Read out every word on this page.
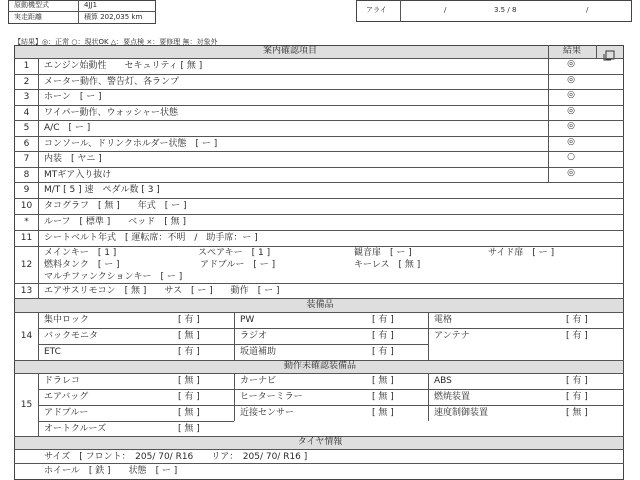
原動機型式	4JJ1
実走距離	積算 202,035 km
アライ	/	3.5 / 8	/
【結果】◎：正常 ○：現状OK △：要点検 ×：要修理 無：対象外
案内確認項目	結果
1	エンジン始動性　　セキュリティ [ 無 ]	◎
2	メーター動作、警告灯、各ランプ	◎
3	ホーン　[ ー ]	◎
4	ワイパー動作、ウォッシャー状態	◎
5	A/C　[ ー ]	◎
6	コンソール、ドリンクホルダー状態　[ ー ]	◎
7	内装　[ ヤニ ]	○
8	MTギア入り抜け	◎
9	M/T [ 5 ] 速　ペダル数 [ 3 ]
10	タコグラフ　[ 無 ]　　年式　[ ー ]
*	ルーフ　[ 標準 ]　　ベッド　[ 無 ]
11	シートベルト年式　[ 運転席：不明　/　助手席：ー ]
12
メインキー　[ 1 ]	スペアキー　[ 1 ]	観音扉　[ ー ]	サイド扉　[ ー ]
燃料タンク　[ ー ]	アドブルー　[ ー ]	キーレス　[ 無 ]
マルチファンクションキー　[ ー ]
13	エアサスリモコン　[ 無 ]　　サス　[ ー ]　　動作　[ ー ]
装備品
14
集中ロック	[ 有 ]	PW	[ 有 ]	電格	[ 有 ]
バックモニタ	[ 無 ]	ラジオ	[ 有 ]	アンテナ	[ 有 ]
ETC	[ 有 ]	坂道補助	[ 有 ]
動作未確認装備品
15
ドラレコ	[ 無 ]	カーナビ	[ 無 ]	ABS	[ 有 ]
エアバッグ	[ 有 ]	ヒーターミラー	[ 無 ]	燃焼装置	[ 有 ]
アドブルー	[ 無 ]	近接センサー	[ 無 ]	速度制御装置	[ 無 ]
オートクルーズ	[ 無 ]
タイヤ情報
サイズ　[ フロント：　205/ 70/ R16　　リア：　205/ 70/ R16 ]
ホイール　[ 鉄 ]　　状態　[ ー ]
